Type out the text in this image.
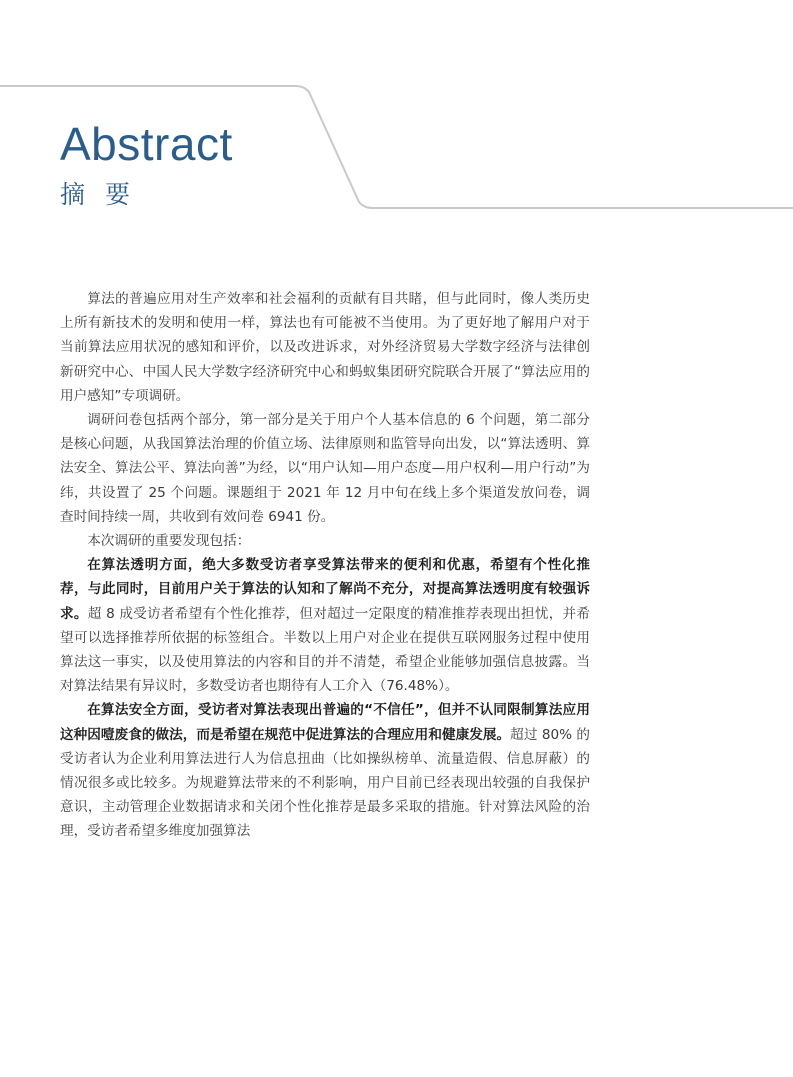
Abstract
摘 要

算法的普遍应用对生产效率和社会福利的贡献有目共睹，但与此同时，像人类历史上所有新技术的发明和使用一样，算法也有可能被不当使用。为了更好地了解用户对于当前算法应用状况的感知和评价，以及改进诉求，对外经济贸易大学数字经济与法律创新研究中心、中国人民大学数字经济研究中心和蚂蚁集团研究院联合开展了“算法应用的用户感知”专项调研。

调研问卷包括两个部分，第一部分是关于用户个人基本信息的 6 个问题，第二部分是核心问题，从我国算法治理的价值立场、法律原则和监管导向出发，以“算法透明、算法安全、算法公平、算法向善”为经，以“用户认知—用户态度—用户权利—用户行动”为纬，共设置了 25 个问题。课题组于 2021 年 12 月中旬在线上多个渠道发放问卷，调查时间持续一周，共收到有效问卷 6941 份。

本次调研的重要发现包括：

在算法透明方面，绝大多数受访者享受算法带来的便利和优惠，希望有个性化推荐，与此同时，目前用户关于算法的认知和了解尚不充分，对提高算法透明度有较强诉求。超 8 成受访者希望有个性化推荐，但对超过一定限度的精准推荐表现出担忧，并希望可以选择推荐所依据的标签组合。半数以上用户对企业在提供互联网服务过程中使用算法这一事实，以及使用算法的内容和目的并不清楚，希望企业能够加强信息披露。当对算法结果有异议时，多数受访者也期待有人工介入（76.48%）。

在算法安全方面，受访者对算法表现出普遍的“不信任”，但并不认同限制算法应用这种因噎废食的做法，而是希望在规范中促进算法的合理应用和健康发展。超过 80% 的受访者认为企业利用算法进行人为信息扭曲（比如操纵榜单、流量造假、信息屏蔽）的情况很多或比较多。为规避算法带来的不利影响，用户目前已经表现出较强的自我保护意识，主动管理企业数据请求和关闭个性化推荐是最多采取的措施。针对算法风险的治理，受访者希望多维度加强算法
